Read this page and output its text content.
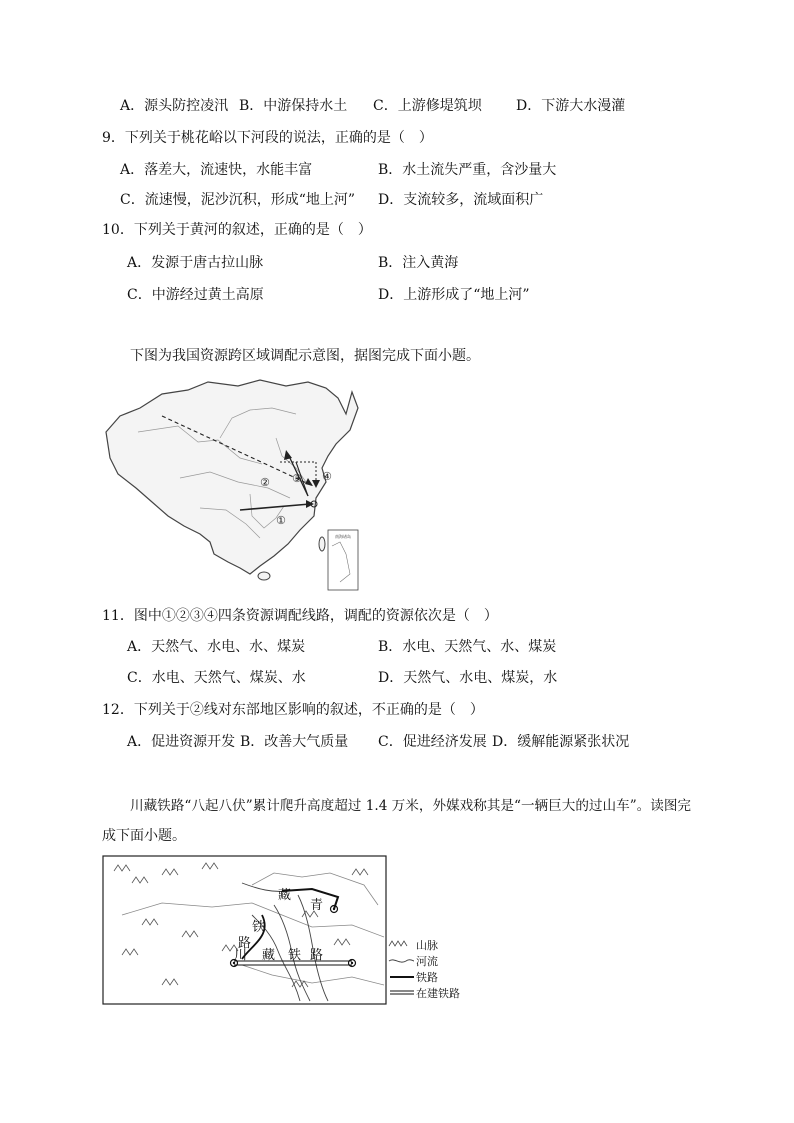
A．源头防控凌汛 B．中游保持水土 C．上游修堤筑坝 D．下游大水漫灌
9．下列关于桃花峪以下河段的说法，正确的是（　）
A．落差大，流速快，水能丰富	B．水土流失严重，含沙量大
C．流速慢，泥沙沉积，形成“地上河” D．支流较多，流域面积广
10．下列关于黄河的叙述，正确的是（　）
A．发源于唐古拉山脉	B．注入黄海
C．中游经过黄土高原	D．上游形成了“地上河”
下图为我国资源跨区域调配示意图，据图完成下面小题。
南海诸岛
①
② ③ ④
11．图中①②③④四条资源调配线路，调配的资源依次是（　）
A．天然气、水电、水、煤炭	B．水电、天然气、水、煤炭
C．水电、天然气、煤炭、水	D．天然气、水电、煤炭，水
12．下列关于②线对东部地区影响的叙述，不正确的是（　）
A．促进资源开发 B．改善大气质量 C．促进经济发展 D．缓解能源紧张状况
川藏铁路“八起八伏”累计爬升高度超过 1.4 万米，外媒戏称其是“一辆巨大的过山车”。读图完
成下面小题。
青
藏
铁
路
川 藏 铁 路
山脉
河流
铁路
在建铁路
